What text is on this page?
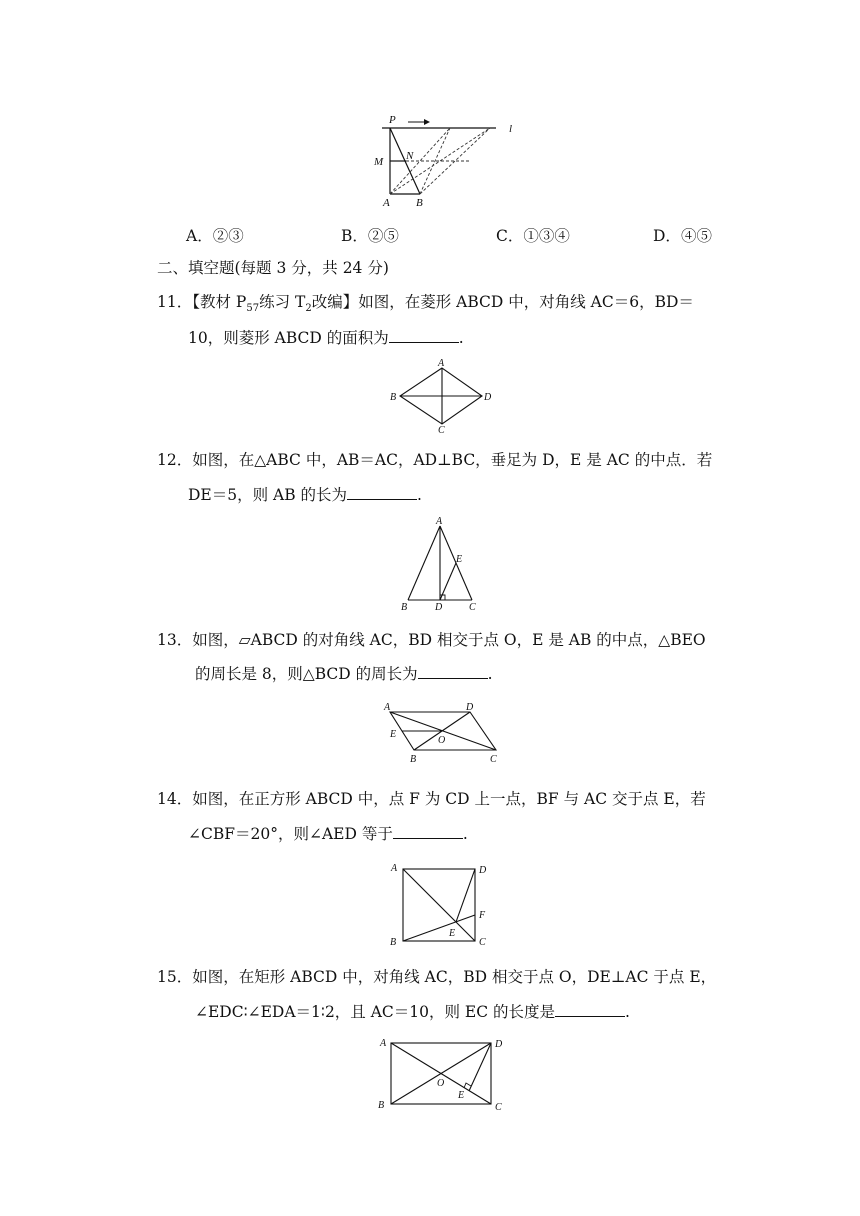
P
l
M N
A B
A．②③	B．②⑤	C．①③④	D．④⑤
二、填空题(每题 3 分，共 24 分)
11．【教材 $P_{57}$练习 $T_2$改编】如图，在菱形 ABCD 中，对角线 AC＝6，BD＝
10，则菱形 ABCD 的面积为	.
A
B
C
D
12．如图，在△ABC 中，AB＝AC，AD⊥BC，垂足为 D，E 是 AC 的中点．若
DE＝5，则 AB 的长为	.
A
E
B	D	C
13．如图，▱ABCD 的对角线 AC，BD 相交于点 O，E 是 AB 的中点，△BEO
的周长是 8，则△BCD 的周长为	.
A	D
E
O
B	C
14．如图，在正方形 ABCD 中，点 F 为 CD 上一点，BF 与 AC 交于点 E，若
∠CBF＝20°，则∠AED 等于	.
A	D
F
E
B	C
15．如图，在矩形 ABCD 中，对角线 AC，BD 相交于点 O，DE⊥AC 于点 E，
∠EDC∶∠EDA＝1∶2，且 AC＝10，则 EC 的长度是	.
A	D
O
E
B	C
